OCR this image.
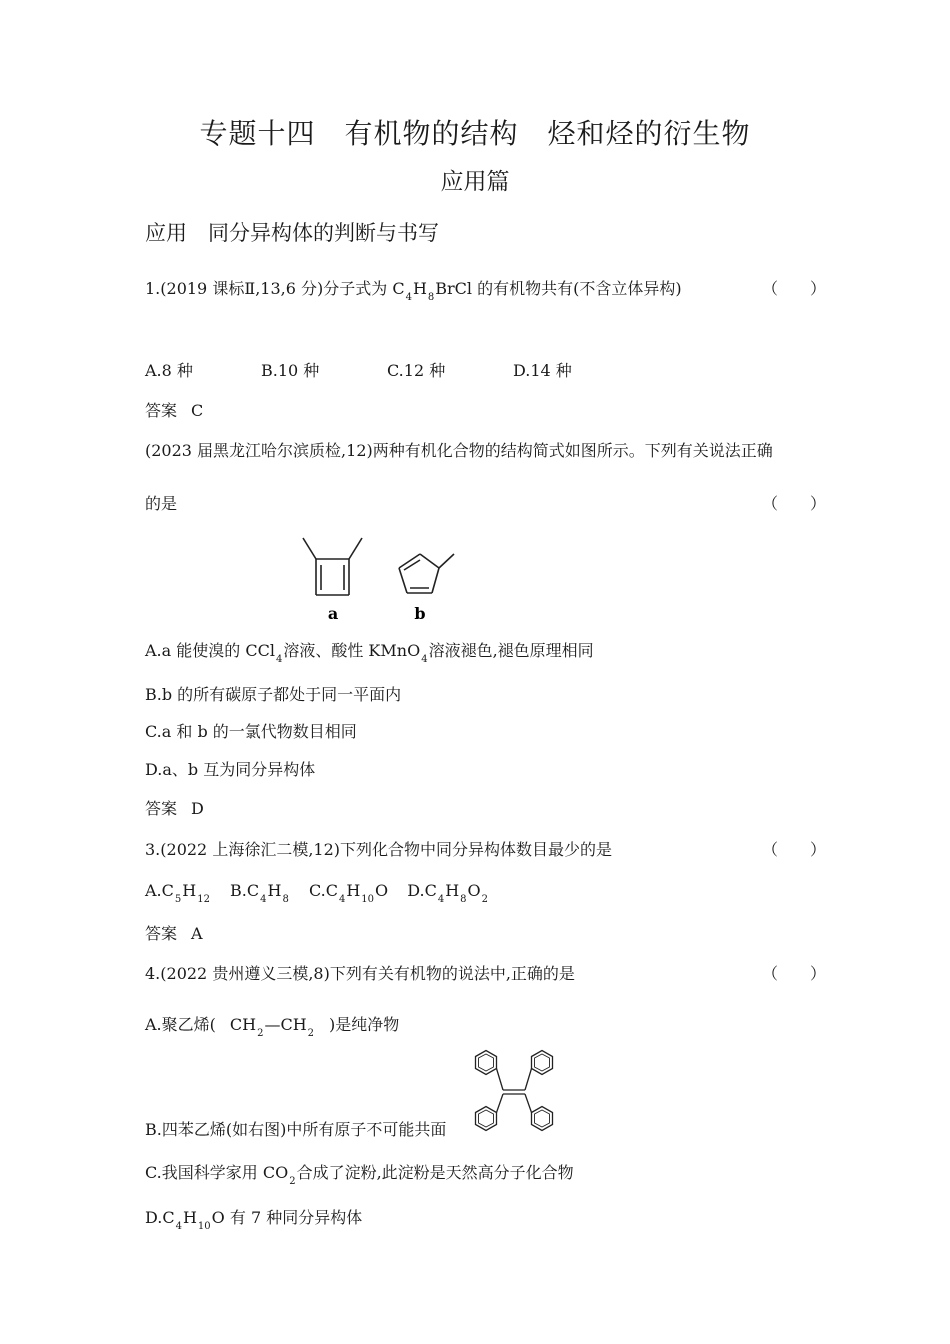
专题十四　有机物的结构　烃和烃的衍生物
应用篇
应用　同分异构体的判断与书写
1.(2019 课标Ⅱ,13,6 分)分子式为 $C_4H_8BrCl$ 的有机物共有(不含立体异构)	（　　）
A.8 种	B.10 种	C.12 种	D.14 种
答案 C
(2023 届黑龙江哈尔滨质检,12)两种有机化合物的结构简式如图所示。下列有关说法正确
的是	（　　）
a	b
A.a 能使溴的 CCl$_4$溶液、酸性 KMnO$_4$溶液褪色,褪色原理相同
B.b 的所有碳原子都处于同一平面内
C.a 和 b 的一氯代物数目相同
D.a、b 互为同分异构体
答案 D
3.(2022 上海徐汇二模,12)下列化合物中同分异构体数目最少的是	（　　）
$A.C_5H_{12}$ $B.C_4H_8$ $C.C_4H_{10}O$ $D.C_4H_8O_2$
答案 A
4.(2022 贵州遵义三模,8)下列有关有机物的说法中,正确的是	（　　）
A.聚乙烯( $CH_2—CH_2$ )是纯净物
B.四苯乙烯(如右图)中所有原子不可能共面
C.我国科学家用 $CO_2$合成了淀粉,此淀粉是天然高分子化合物
$D.C_4H_{10}O$ 有 7 种同分异构体
